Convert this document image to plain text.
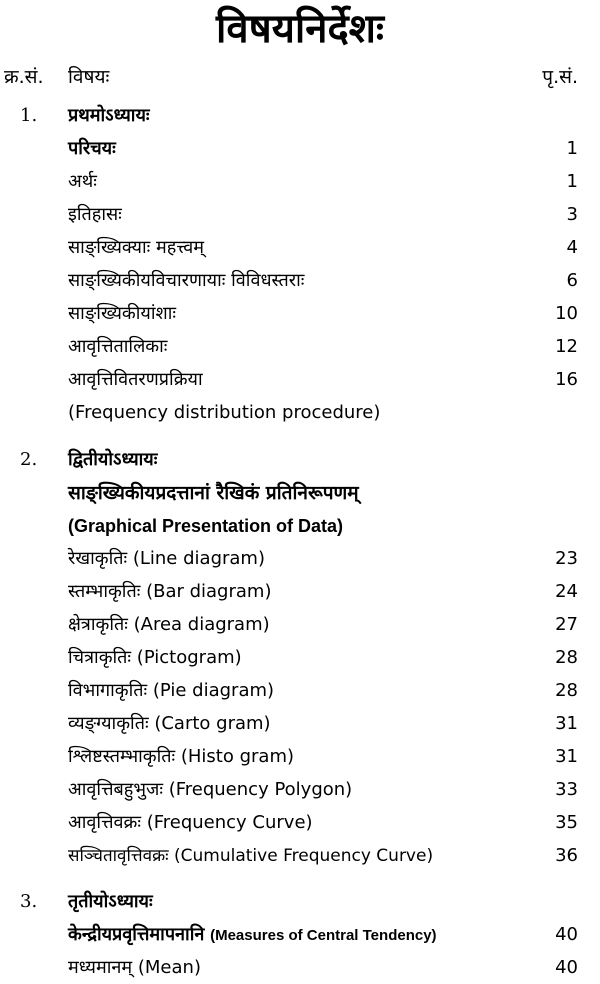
विषयनिर्देशः
क्र.सं. विषयः	पृ.सं.
1. प्रथमोऽध्यायः
परिचयः	1
अर्थः	1
इतिहासः	3
साङ्ख्यिक्याः महत्त्वम्	4
साङ्ख्यिकीयविचारणायाः विविधस्तराः	6
साङ्ख्यिकीयांशाः	10
आवृत्तितालिकाः	12
आवृत्तिवितरणप्रक्रिया	16
(Frequency distribution procedure)
2. द्वितीयोऽध्यायः
साङ्ख्यिकीयप्रदत्तानां रैखिकं प्रतिनिरूपणम्
(Graphical Presentation of Data)
रेखाकृतिः (Line diagram)	23
स्तम्भाकृतिः (Bar diagram)	24
क्षेत्राकृतिः (Area diagram)	27
चित्राकृतिः (Pictogram)	28
विभागाकृतिः (Pie diagram)	28
व्यङ्ग्याकृतिः (Carto gram)	31
श्लिष्टस्तम्भाकृतिः (Histo gram)	31
आवृत्तिबहुभुजः (Frequency Polygon)	33
आवृत्तिवक्रः (Frequency Curve)	35
सञ्चितावृत्तिवक्रः (Cumulative Frequency Curve)	36
3. तृतीयोऽध्यायः
केन्द्रीयप्रवृत्तिमापनानि (Measures of Central Tendency)	40
मध्यमानम् (Mean)	40
